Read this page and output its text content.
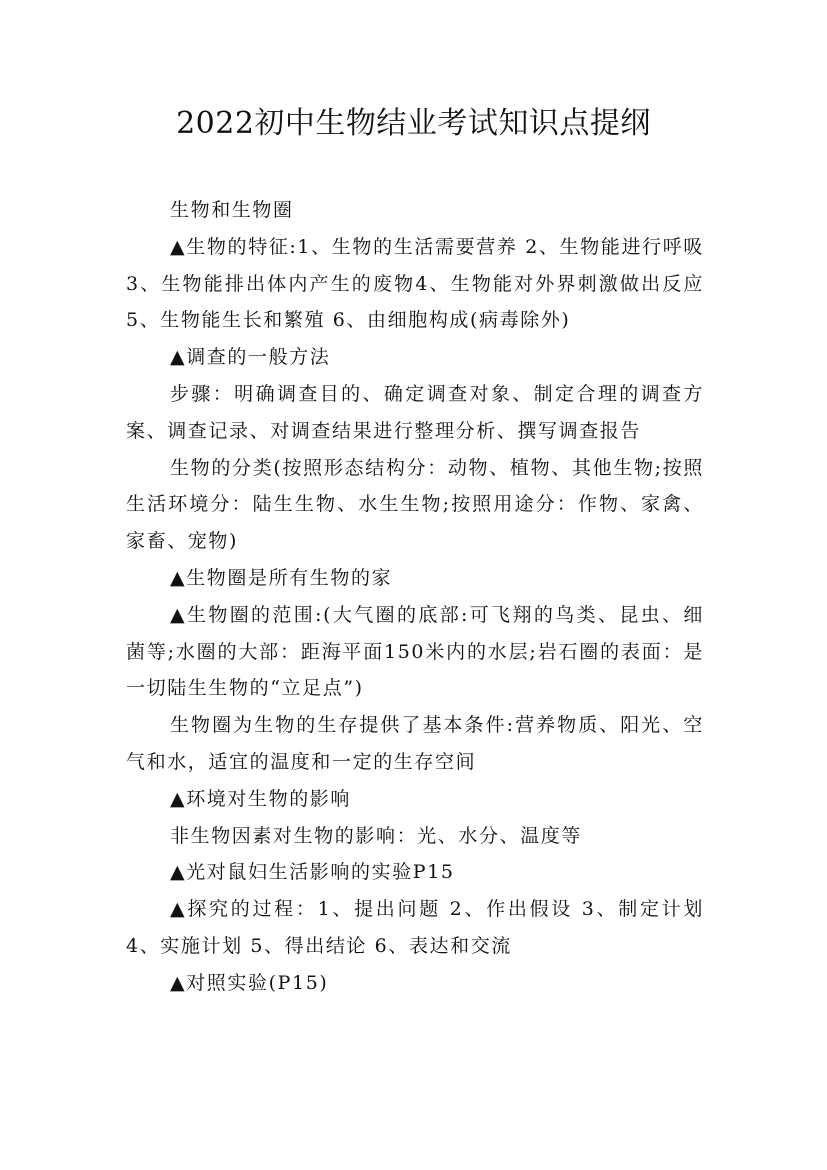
2022初中生物结业考试知识点提纲

生物和生物圈

▲生物的特征:1、生物的生活需要营养 2、生物能进行呼吸 3、生物能排出体内产生的废物4、生物能对外界刺激做出反应 5、生物能生长和繁殖 6、由细胞构成(病毒除外)

▲调查的一般方法

步骤：明确调查目的、确定调查对象、制定合理的调查方案、调查记录、对调查结果进行整理分析、撰写调查报告

生物的分类(按照形态结构分：动物、植物、其他生物;按照生活环境分：陆生生物、水生生物;按照用途分：作物、家禽、家畜、宠物)

▲生物圈是所有生物的家

▲生物圈的范围:(大气圈的底部:可飞翔的鸟类、昆虫、细菌等;水圈的大部：距海平面150米内的水层;岩石圈的表面：是一切陆生生物的“立足点”)

生物圈为生物的生存提供了基本条件:营养物质、阳光、空气和水，适宜的温度和一定的生存空间

▲环境对生物的影响

非生物因素对生物的影响：光、水分、温度等

▲光对鼠妇生活影响的实验P15

▲探究的过程：1、提出问题 2、作出假设 3、制定计划4、实施计划 5、得出结论 6、表达和交流

▲对照实验(P15)
